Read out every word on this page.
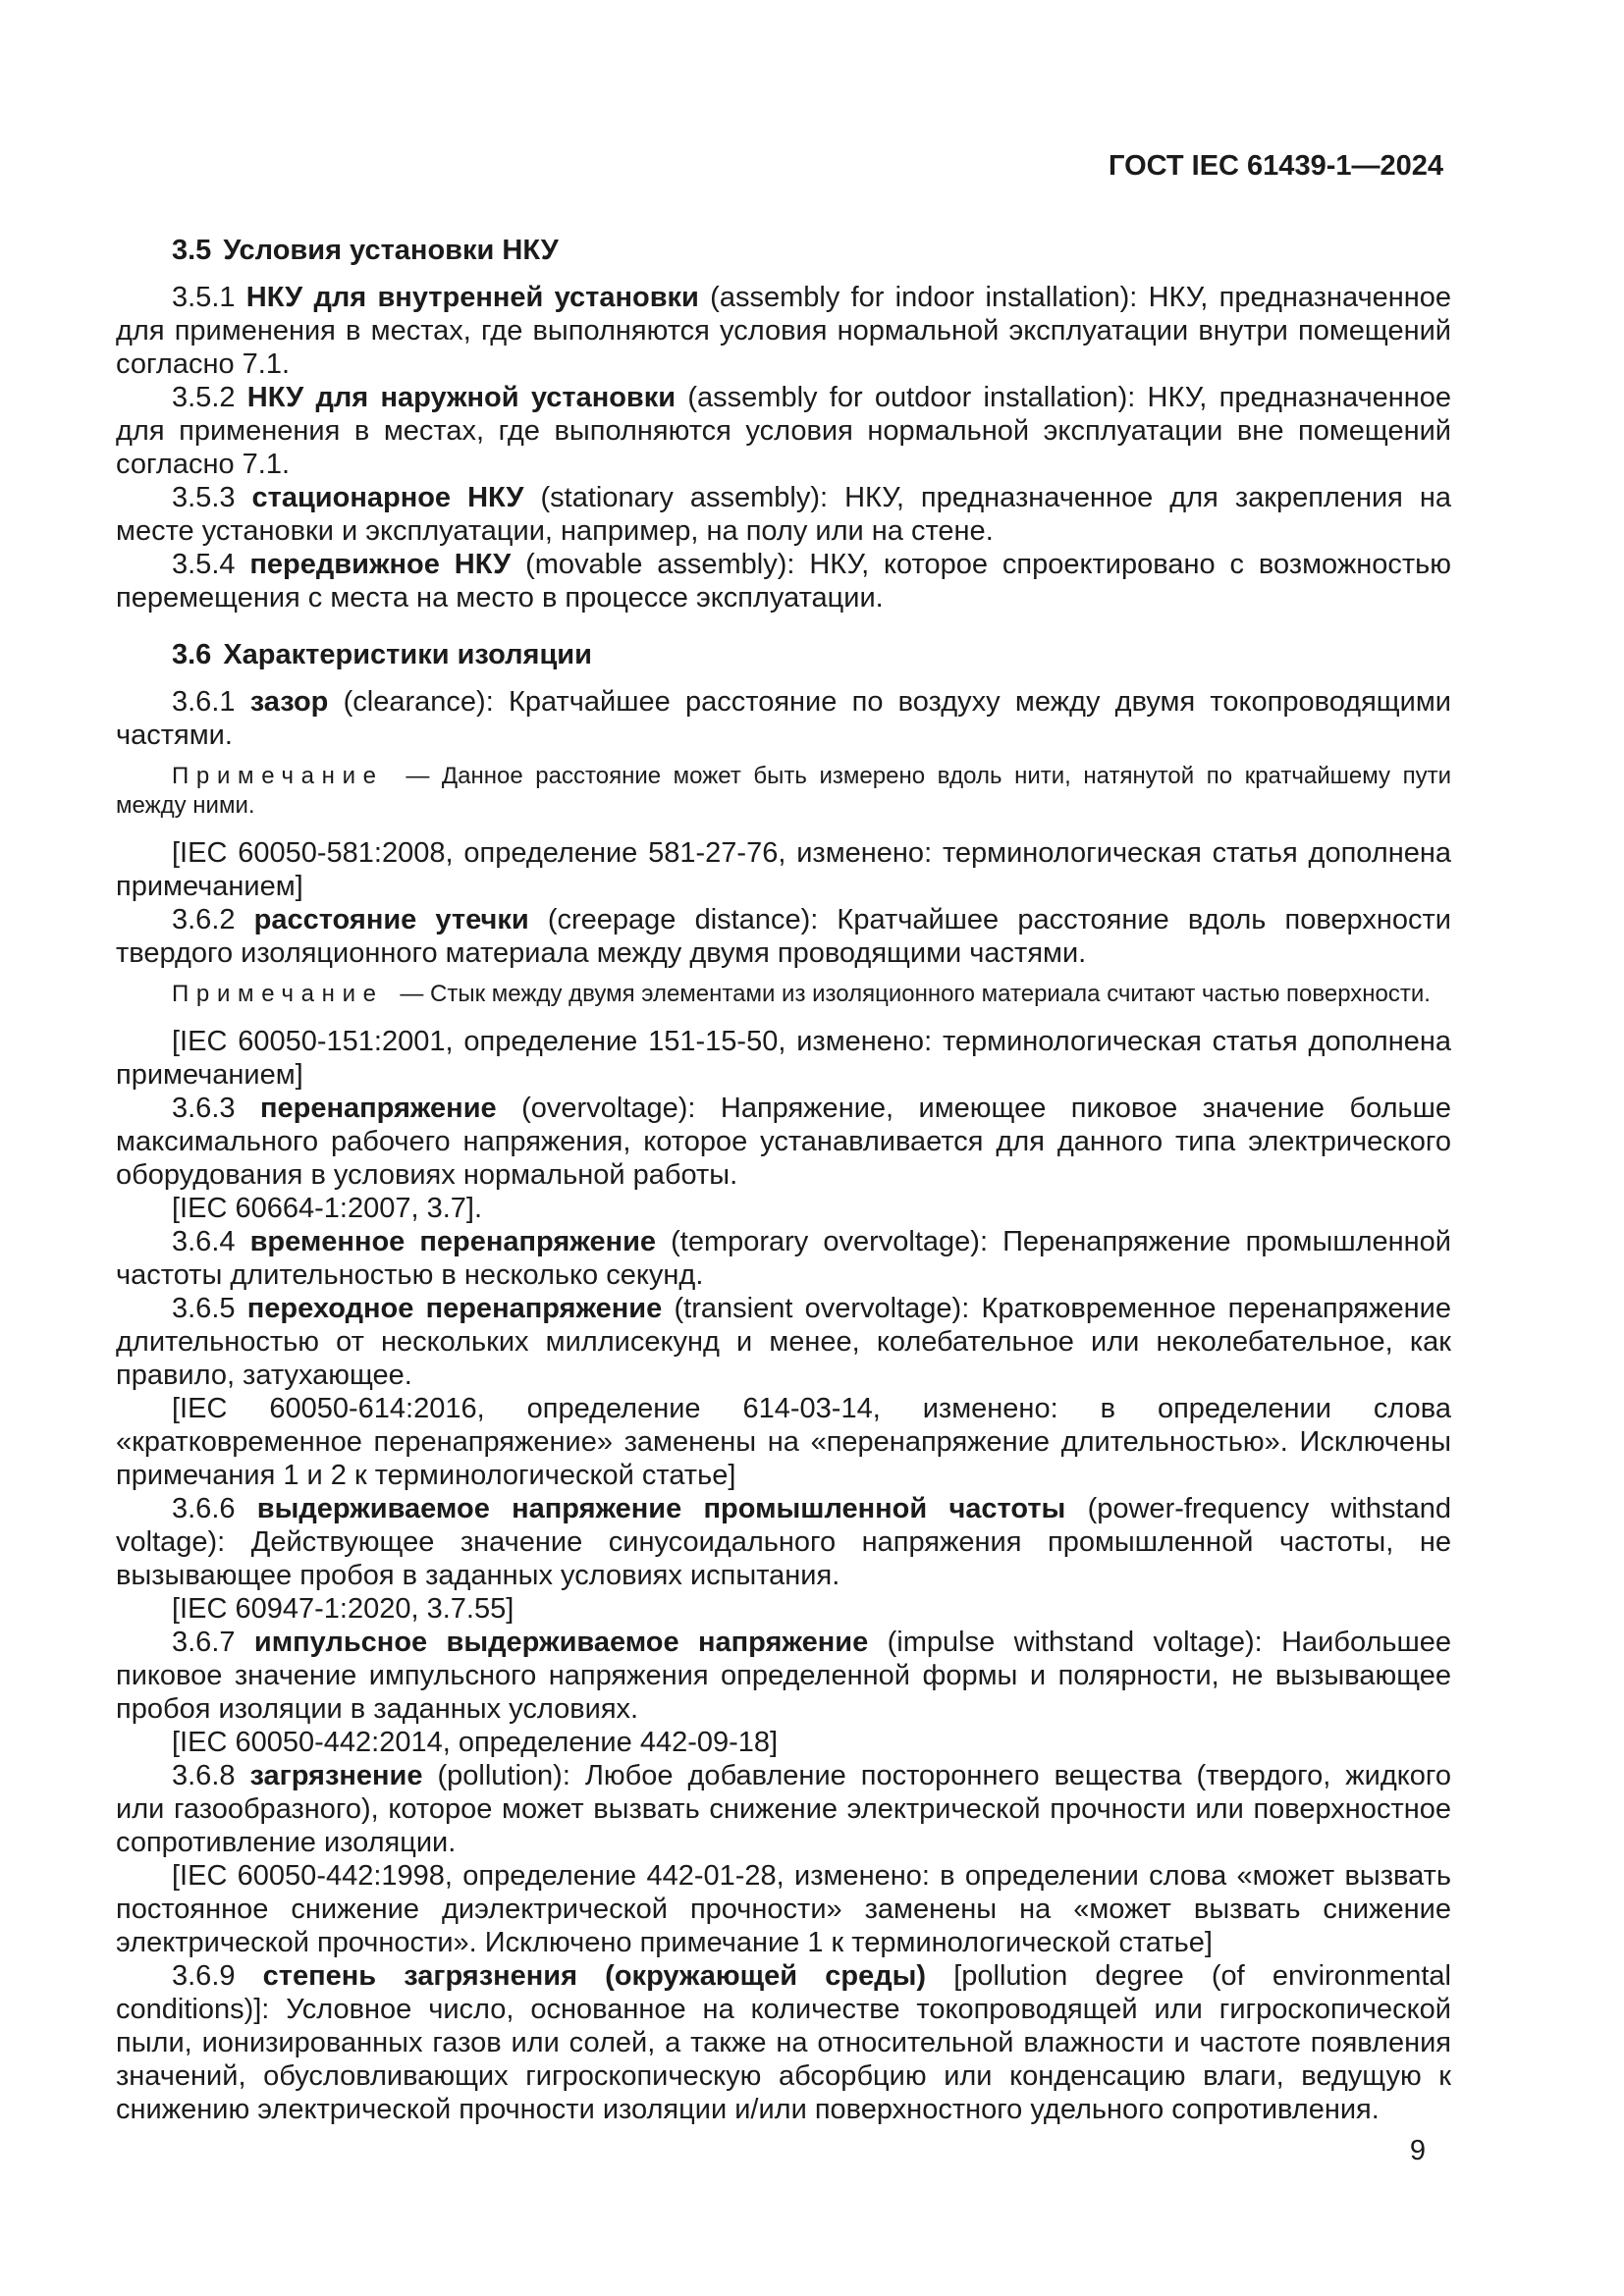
ГОСТ IEC 61439-1—2024
3.5 Условия установки НКУ

3.5.1 НКУ для внутренней установки (assembly for indoor installation): НКУ, предназначенное для применения в местах, где выполняются условия нормальной эксплуатации внутри помещений согласно 7.1.

3.5.2 НКУ для наружной установки (assembly for outdoor installation): НКУ, предназначенное для применения в местах, где выполняются условия нормальной эксплуатации вне помещений согласно 7.1.

3.5.3 стационарное НКУ (stationary assembly): НКУ, предназначенное для закрепления на месте установки и эксплуатации, например, на полу или на стене.

3.5.4 передвижное НКУ (movable assembly): НКУ, которое спроектировано с возможностью перемещения с места на место в процессе эксплуатации.

3.6 Характеристики изоляции

3.6.1 зазор (clearance): Кратчайшее расстояние по воздуху между двумя токопроводящими частями.

Примечание — Данное расстояние может быть измерено вдоль нити, натянутой по кратчайшему пути между ними.

[IEC 60050-581:2008, определение 581-27-76, изменено: терминологическая статья дополнена примечанием]

3.6.2 расстояние утечки (creepage distance): Кратчайшее расстояние вдоль поверхности твердого изоляционного материала между двумя проводящими частями.

Примечание — Стык между двумя элементами из изоляционного материала считают частью поверхности.

[IEC 60050-151:2001, определение 151-15-50, изменено: терминологическая статья дополнена примечанием]

3.6.3 перенапряжение (overvoltage): Напряжение, имеющее пиковое значение больше максимального рабочего напряжения, которое устанавливается для данного типа электрического оборудования в условиях нормальной работы.

[IEC 60664-1:2007, 3.7].

3.6.4 временное перенапряжение (temporary overvoltage): Перенапряжение промышленной частоты длительностью в несколько секунд.

3.6.5 переходное перенапряжение (transient overvoltage): Кратковременное перенапряжение длительностью от нескольких миллисекунд и менее, колебательное или неколебательное, как правило, затухающее.

[IEC 60050-614:2016, определение 614-03-14, изменено: в определении слова «кратковременное перенапряжение» заменены на «перенапряжение длительностью». Исключены примечания 1 и 2 к терминологической статье]

3.6.6 выдерживаемое напряжение промышленной частоты (power-frequency withstand voltage): Действующее значение синусоидального напряжения промышленной частоты, не вызывающее пробоя в заданных условиях испытания.

[IEC 60947-1:2020, 3.7.55]

3.6.7 импульсное выдерживаемое напряжение (impulse withstand voltage): Наибольшее пиковое значение импульсного напряжения определенной формы и полярности, не вызывающее пробоя изоляции в заданных условиях.

[IEC 60050-442:2014, определение 442-09-18]

3.6.8 загрязнение (pollution): Любое добавление постороннего вещества (твердого, жидкого или газообразного), которое может вызвать снижение электрической прочности или поверхностное сопротивление изоляции.

[IEC 60050-442:1998, определение 442-01-28, изменено: в определении слова «может вызвать постоянное снижение диэлектрической прочности» заменены на «может вызвать снижение электрической прочности». Исключено примечание 1 к терминологической статье]

3.6.9 степень загрязнения (окружающей среды) [pollution degree (of environmental conditions)]: Условное число, основанное на количестве токопроводящей или гигроскопической пыли, ионизированных газов или солей, а также на относительной влажности и частоте появления значений, обусловливающих гигроскопическую абсорбцию или конденсацию влаги, ведущую к снижению электрической прочности изоляции и/или поверхностного удельного сопротивления.

9
